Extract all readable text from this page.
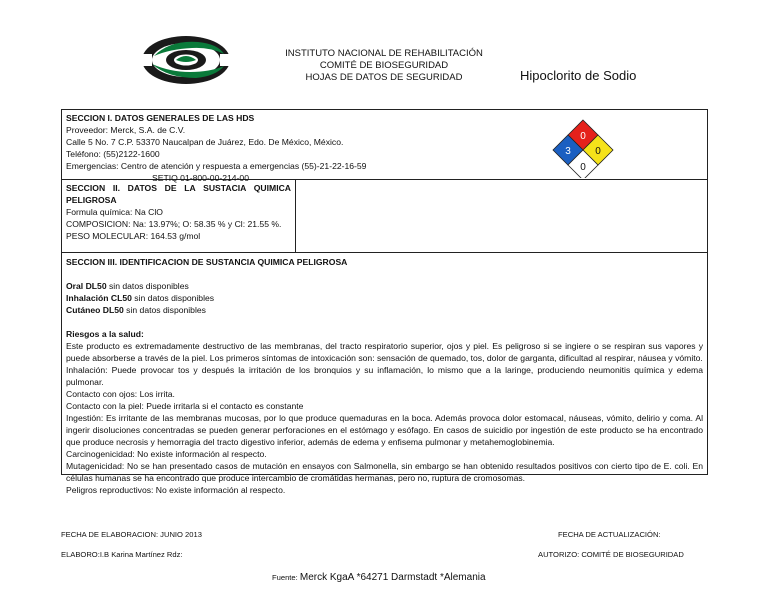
INSTITUTO NACIONAL DE REHABILITACIÓN
COMITÉ DE BIOSEGURIDAD
HOJAS DE DATOS DE SEGURIDAD	Hipoclorito de Sodio
SECCION I. DATOS GENERALES DE LAS HDS
Proveedor: Merck, S.A. de C.V.
Calle 5 No. 7 C.P. 53370 Naucalpan de Juárez, Edo. De México, México.
Teléfono: (55)2122-1600
Emergencias: Centro de atención y respuesta a emergencias (55)-21-22-16-59
SETIQ 01-800-00-214-00
0
3 0
0
SECCION II. DATOS DE LA SUSTACIA QUIMICA PELIGROSA
Formula química: Na ClO
COMPOSICION: Na: 13.97%; O: 58.35 % y Cl: 21.55 %.
PESO MOLECULAR: 164.53 g/mol
SECCION III. IDENTIFICACION DE SUSTANCIA QUIMICA PELIGROSA
Oral DL50 sin datos disponibles
Inhalación CL50 sin datos disponibles
Cutáneo DL50 sin datos disponibles
Riesgos a la salud:
Este producto es extremadamente destructivo de las membranas, del tracto respiratorio superior, ojos y piel. Es peligroso si se ingiere o se respiran sus vapores y puede absorberse a través de la piel. Los primeros síntomas de intoxicación son: sensación de quemado, tos, dolor de garganta, dificultad al respirar, náusea y vómito.
Inhalación: Puede provocar tos y después la irritación de los bronquios y su inflamación, lo mismo que a la laringe, produciendo neumonitis química y edema pulmonar.
Contacto con ojos: Los irrita.
Contacto con la piel: Puede irritarla si el contacto es constante
Ingestión: Es irritante de las membranas mucosas, por lo que produce quemaduras en la boca. Además provoca dolor estomacal, náuseas, vómito, delirio y coma. Al ingerir disoluciones concentradas se pueden generar perforaciones en el estómago y esófago. En casos de suicidio por ingestión de este producto se ha encontrado que produce necrosis y hemorragia del tracto digestivo inferior, además de edema y enfisema pulmonar y metahemoglobinemia.
Carcinogenicidad: No existe información al respecto.
Mutagenicidad: No se han presentado casos de mutación en ensayos con Salmonella, sin embargo se han obtenido resultados positivos con cierto tipo de E. coli. En células humanas se ha encontrado que produce intercambio de cromátidas hermanas, pero no, ruptura de cromosomas.
Peligros reproductivos: No existe información al respecto.
FECHA DE ELABORACION: JUNIO 2013	FECHA DE ACTUALIZACIÓN:
ELABORO:I.B Karina Martínez Rdz:	AUTORIZO: COMITÉ DE BIOSEGURIDAD
Fuente: Merck KgaA *64271 Darmstadt *Alemania
